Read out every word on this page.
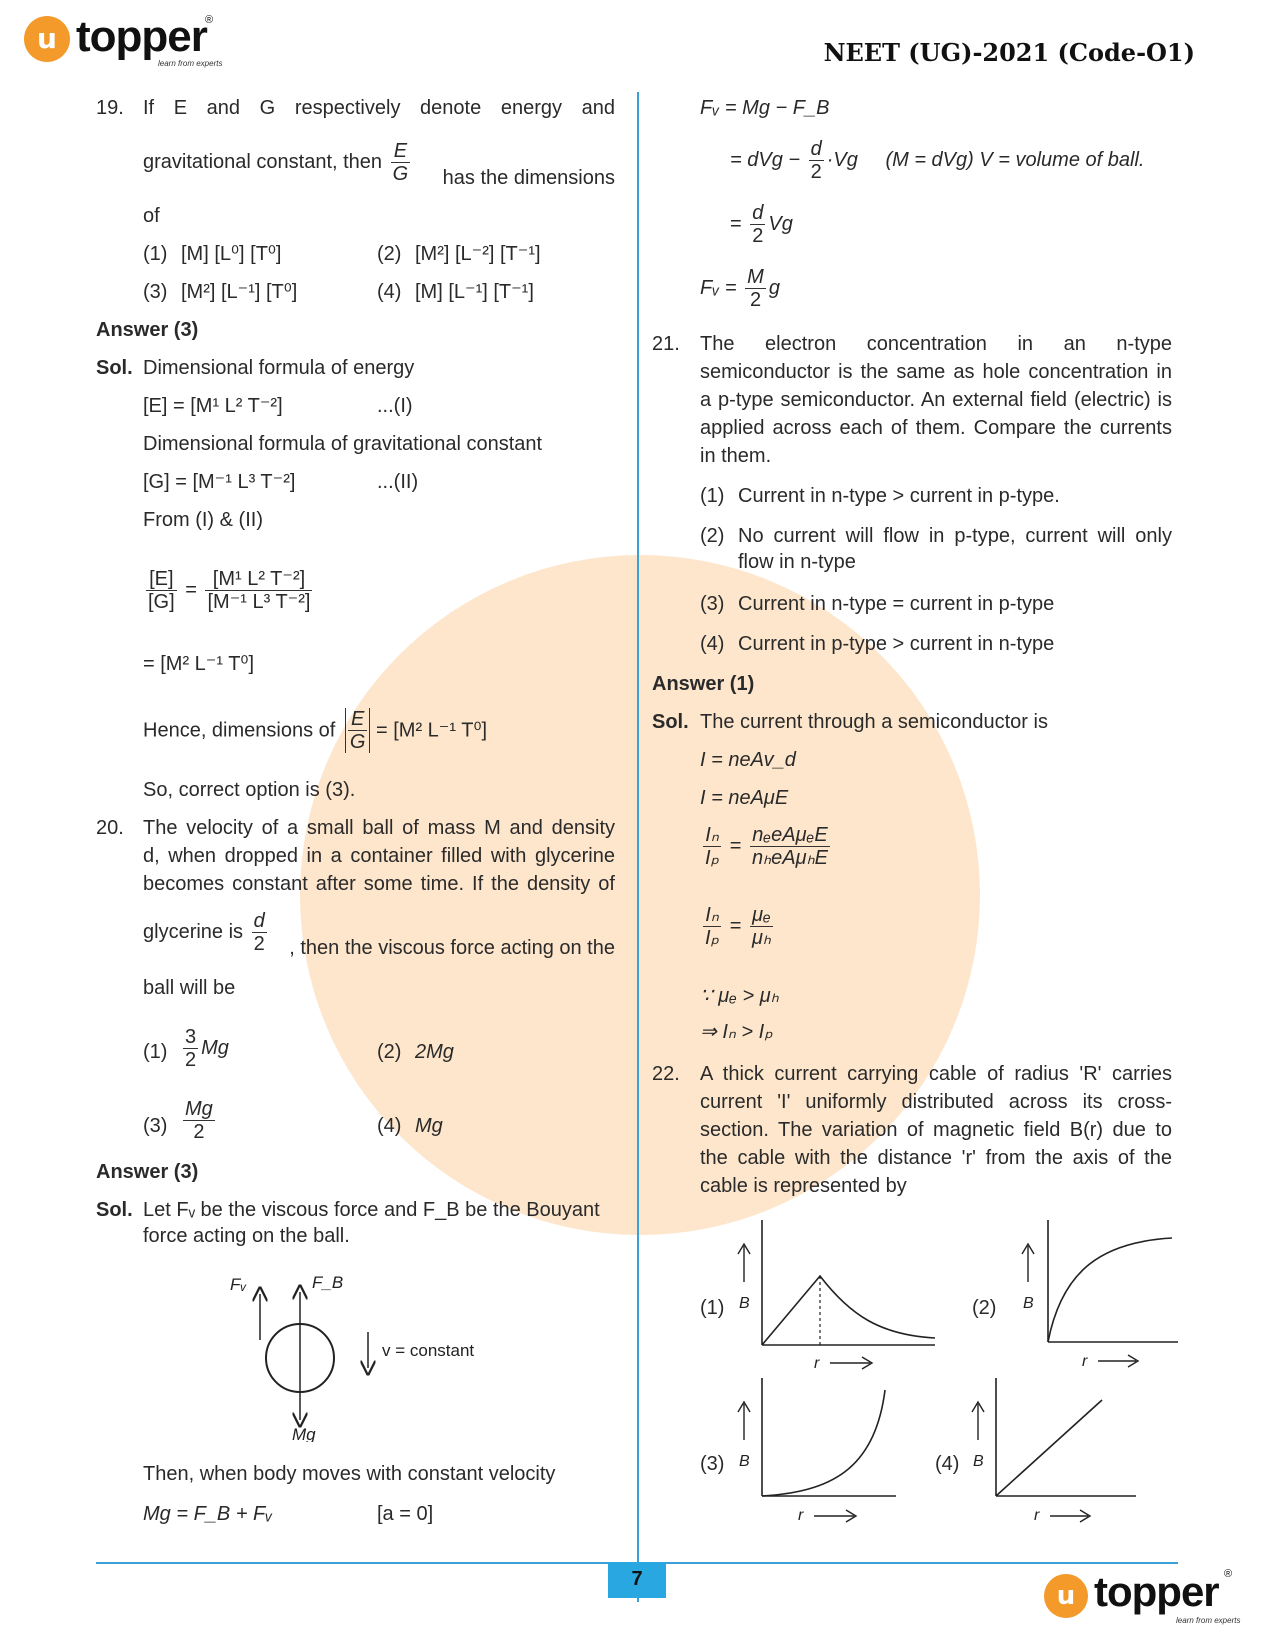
u topper
®
learn from experts	NEET (UG)-2021 (Code-O1)
19. If E and G respectively denote energy and
gravitational constant, then $\frac{E}{G}$ has the dimensions
of
(1) [M] [L⁰] [T⁰]	(2) [M²] [L⁻²] [T⁻¹]
(3) [M²] [L⁻¹] [T⁰]	(4) [M] [L⁻¹] [T⁻¹]
Answer (3)
Sol. Dimensional formula of energy
[E] = [M¹ L² T⁻²]	...(I)
Dimensional formula of gravitational constant
[G] = [M⁻¹ L³ T⁻²]	...(II)
From (I) & (II)
$\frac{[E]}{[G]} = \frac{\text{[M¹ L² T⁻²]}}{\text{[M⁻¹ L³ T⁻²]}}$
= [M² L⁻¹ T⁰]
Hence, dimensions of $\frac{E}{G} = [M^2$ L⁻¹ T⁰]
So, correct option is (3).
20. The velocity of a small ball of mass M and density
d, when dropped in a container filled with glycerine
becomes constant after some time. If the density of
glycerine is $\frac{d}{2}$ , then the viscous force acting on the
ball will be
$(1) \frac{3}{2}$ Mg	(2) 2Mg
$(3) \frac{Mg}{2}$	(4) Mg
Answer (3)
Sol. Let Fᵥ be the viscous force and F_B be the Bouyant
force acting on the ball.
Fᵥ	F_B
v = constant
Mg
Then, when body moves with constant velocity
Mg = F_B + Fᵥ	[a = 0]
Fᵥ = Mg − F_B
= dVg − $\frac{d}{2} \cdot Vg$ (M = dVg) V = volume of ball.
= $\frac{d}{2}$ Vg
Fᵥ = $\frac{M}{2}$ g
21. The electron concentration in an n-type
semiconductor is the same as hole concentration in
a p-type semiconductor. An external field (electric) is
applied across each of them. Compare the currents
in them.
(1) Current in n-type > current in p-type.
(2) No current will flow in p-type, current will only
flow in n-type
(3) Current in n-type = current in p-type
(4) Current in p-type > current in n-type
Answer (1)
Sol. The current through a semiconductor is
I = neAv_d
I = neAμE
$\frac{\text{Iₙ}}{\text{Iₚ}} = \frac{\text{nₑeAμₑE}}{\text{nₕeAμₕE}}$
$\frac{\text{Iₙ}}{\text{Iₚ}} = \frac{\text{μₑ}}{\text{μₕ}}$
∵ μₑ > μₕ
⇒ Iₙ > Iₚ
22. A thick current carrying cable of radius 'R' carries
current 'I' uniformly distributed across its cross-
section. The variation of magnetic field B(r) due to
the cable with the distance 'r' from the axis of the
cable is represented by
(1)	(2)
(3)	(4)
B
r
B
r
B
r
B
r
7
u topper ®
learn from experts
